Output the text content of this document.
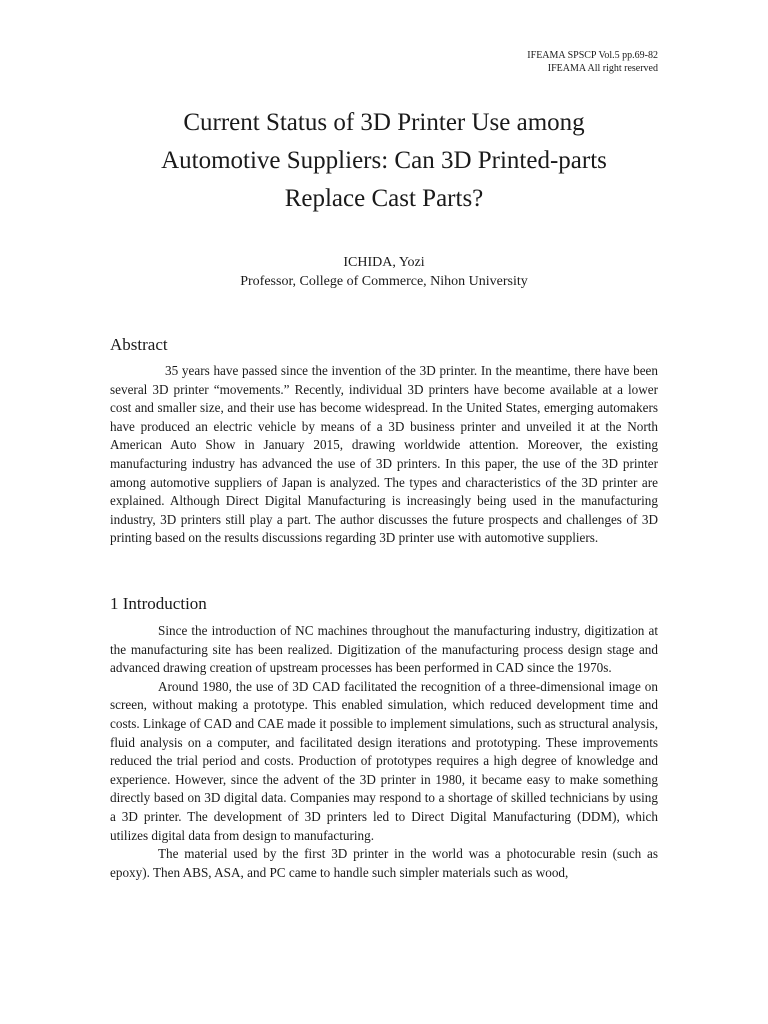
IFEAMA SPSCP Vol.5 pp.69-82
IFEAMA All right reserved
Current Status of 3D Printer Use among
Automotive Suppliers: Can 3D Printed-parts
Replace Cast Parts?
ICHIDA, Yozi
Professor, College of Commerce, Nihon University
Abstract

35 years have passed since the invention of the 3D printer. In the meantime, there have been several 3D printer “movements.” Recently, individual 3D printers have become available at a lower cost and smaller size, and their use has become widespread. In the United States, emerging automakers have produced an electric vehicle by means of a 3D business printer and unveiled it at the North American Auto Show in January 2015, drawing worldwide attention. Moreover, the existing manufacturing industry has advanced the use of 3D printers. In this paper, the use of the 3D printer among automotive suppliers of Japan is analyzed. The types and characteristics of the 3D printer are explained. Although Direct Digital Manufacturing is increasingly being used in the manufacturing industry, 3D printers still play a part. The author discusses the future prospects and challenges of 3D printing based on the results discussions regarding 3D printer use with automotive suppliers.

1 Introduction

Since the introduction of NC machines throughout the manufacturing industry, digitization at the manufacturing site has been realized. Digitization of the manufacturing process design stage and advanced drawing creation of upstream processes has been performed in CAD since the 1970s.

Around 1980, the use of 3D CAD facilitated the recognition of a three-dimensional image on screen, without making a prototype. This enabled simulation, which reduced development time and costs. Linkage of CAD and CAE made it possible to implement simulations, such as structural analysis, fluid analysis on a computer, and facilitated design iterations and prototyping. These improvements reduced the trial period and costs. Production of prototypes requires a high degree of knowledge and experience. However, since the advent of the 3D printer in 1980, it became easy to make something directly based on 3D digital data. Companies may respond to a shortage of skilled technicians by using a 3D printer. The development of 3D printers led to Direct Digital Manufacturing (DDM), which utilizes digital data from design to manufacturing.

The material used by the first 3D printer in the world was a photocurable resin (such as epoxy). Then ABS, ASA, and PC came to handle such simpler materials such as wood,
